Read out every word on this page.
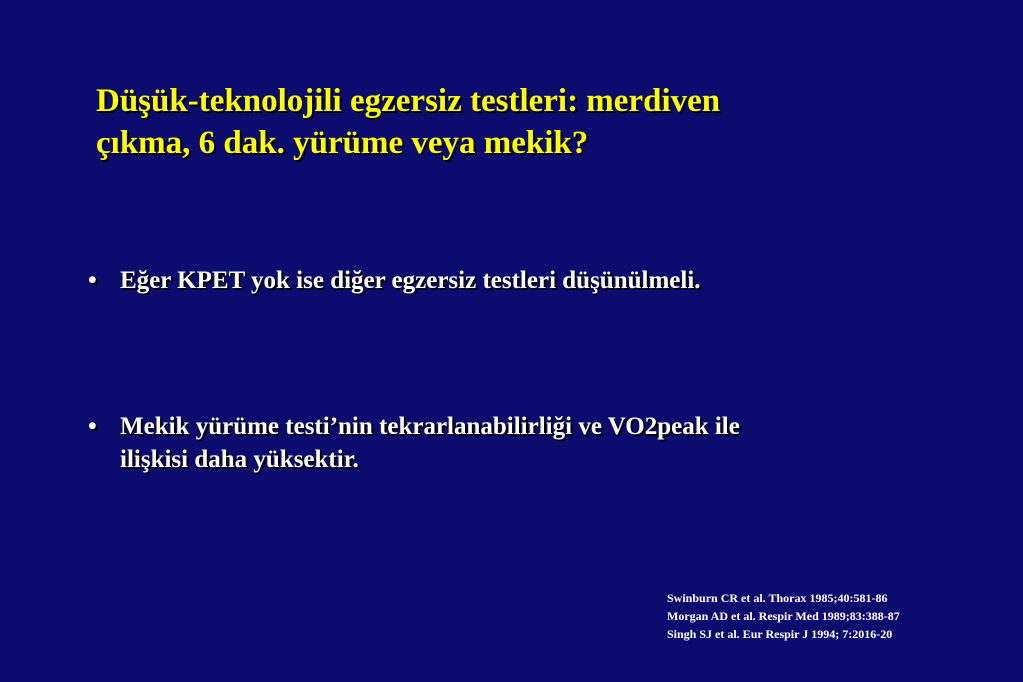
Düşük-teknolojili egzersiz testleri: merdiven
çıkma, 6 dak. yürüme veya mekik?
• Eğer KPET yok ise diğer egzersiz testleri düşünülmeli.
• Mekik yürüme testi’nin tekrarlanabilirliği ve VO2peak ile
ilişkisi daha yüksektir.
Swinburn CR et al. Thorax 1985;40:581-86
Morgan AD et al. Respir Med 1989;83:388-87
Singh SJ et al. Eur Respir J 1994; 7:2016-20
